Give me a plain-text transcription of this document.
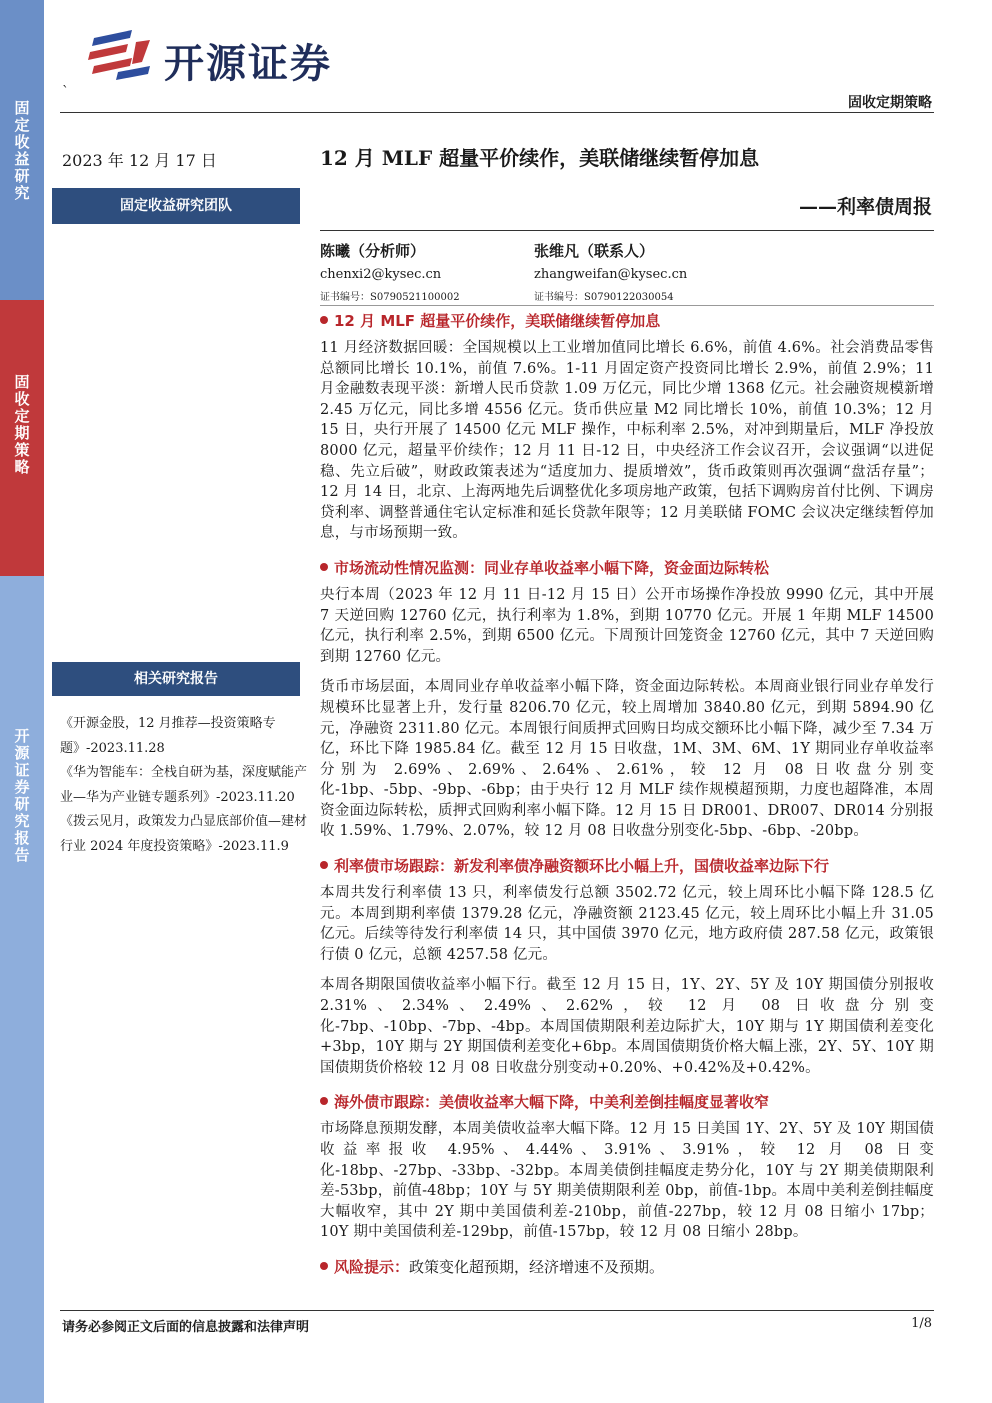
固定收益研究
固收定期策略
开源证券研究报告
开源证券
`
固收定期策略
2023 年 12 月 17 日	12 月 MLF 超量平价续作，美联储继续暂停加息
——利率债周报
固定收益研究团队
陈曦（分析师）
chenxi2@kysec.cn
证书编号：S0790521100002
张维凡（联系人）
zhangweifan@kysec.cn
证书编号：S0790122030054
12 月 MLF 超量平价续作，美联储继续暂停加息

11 月经济数据回暖：全国规模以上工业增加值同比增长 6.6%，前值 4.6%。社会消费品零售总额同比增长 10.1%，前值 7.6%。1-11 月固定资产投资同比增长 2.9%，前值 2.9%；11 月金融数表现平淡：新增人民币贷款 1.09 万亿元，同比少增 1368 亿元。社会融资规模新增 2.45 万亿元，同比多增 4556 亿元。货币供应量 M2 同比增长 10%，前值 10.3%；12 月 15 日，央行开展了 14500 亿元 MLF 操作，中标利率 2.5%，对冲到期量后，MLF 净投放 8000 亿元，超量平价续作；12 月 11 日-12 日，中央经济工作会议召开，会议强调“以进促稳、先立后破”，财政政策表述为“适度加力、提质增效”，货币政策则再次强调“盘活存量”；12 月 14 日，北京、上海两地先后调整优化多项房地产政策，包括下调购房首付比例、下调房贷利率、调整普通住宅认定标准和延长贷款年限等；12 月美联储 FOMC 会议决定继续暂停加息，与市场预期一致。

市场流动性情况监测：同业存单收益率小幅下降，资金面边际转松

央行本周（2023 年 12 月 11 日-12 月 15 日）公开市场操作净投放 9990 亿元，其中开展 7 天逆回购 12760 亿元，执行利率为 1.8%，到期 10770 亿元。开展 1 年期 MLF 14500 亿元，执行利率 2.5%，到期 6500 亿元。下周预计回笼资金 12760 亿元，其中 7 天逆回购到期 12760 亿元。

货币市场层面，本周同业存单收益率小幅下降，资金面边际转松。本周商业银行同业存单发行规模环比显著上升，发行量 8206.70 亿元，较上周增加 3840.80 亿元，到期 5894.90 亿元，净融资 2311.80 亿元。本周银行间质押式回购日均成交额环比小幅下降，减少至 7.34 万亿，环比下降 1985.84 亿。截至 12 月 15 日收盘，1M、3M、6M、1Y 期同业存单收益率分别为 2.69%、2.69%、2.64%、2.61%，较 12 月 08 日收盘分别变化-1bp、-5bp、-9bp、-6bp；由于央行 12 月 MLF 续作规模超预期，力度也超降准，本周资金面边际转松，质押式回购利率小幅下降。12 月 15 日 DR001、DR007、DR014 分别报收 1.59%、1.79%、2.07%，较 12 月 08 日收盘分别变化-5bp、-6bp、-20bp。

利率债市场跟踪：新发利率债净融资额环比小幅上升，国债收益率边际下行

本周共发行利率债 13 只，利率债发行总额 3502.72 亿元，较上周环比小幅下降 128.5 亿元。本周到期利率债 1379.28 亿元，净融资额 2123.45 亿元，较上周环比小幅上升 31.05 亿元。后续等待发行利率债 14 只，其中国债 3970 亿元，地方政府债 287.58 亿元，政策银行债 0 亿元，总额 4257.58 亿元。

本周各期限国债收益率小幅下行。截至 12 月 15 日，1Y、2Y、5Y 及 10Y 期国债分别报收 2.31%、2.34%、2.49%、2.62%，较 12 月 08 日收盘分别变化-7bp、-10bp、-7bp、-4bp。本周国债期限利差边际扩大，10Y 期与 1Y 期国债利差变化+3bp，10Y 期与 2Y 期国债利差变化+6bp。本周国债期货价格大幅上涨，2Y、5Y、10Y 期国债期货价格较 12 月 08 日收盘分别变动+0.20%、+0.42%及+0.42%。

海外债市跟踪：美债收益率大幅下降，中美利差倒挂幅度显著收窄

市场降息预期发酵，本周美债收益率大幅下降。12 月 15 日美国 1Y、2Y、5Y 及 10Y 期国债收益率报收 4.95%、4.44%、3.91%、3.91%，较 12 月 08 日变化-18bp、-27bp、-33bp、-32bp。本周美债倒挂幅度走势分化，10Y 与 2Y 期美债期限利差-53bp，前值-48bp；10Y 与 5Y 期美债期限利差 0bp，前值-1bp。本周中美利差倒挂幅度大幅收窄，其中 2Y 期中美国债利差-210bp，前值-227bp，较 12 月 08 日缩小 17bp；10Y 期中美国债利差-129bp，前值-157bp，较 12 月 08 日缩小 28bp。

风险提示：政策变化超预期，经济增速不及预期。
相关研究报告
《开源金股，12 月推荐—投资策略专题》-2023.11.28
《华为智能车：全栈自研为基，深度赋能产业—华为产业链专题系列》-2023.11.20
《拨云见月，政策发力凸显底部价值—建材行业 2024 年度投资策略》-2023.11.9
请务必参阅正文后面的信息披露和法律声明	1/8
